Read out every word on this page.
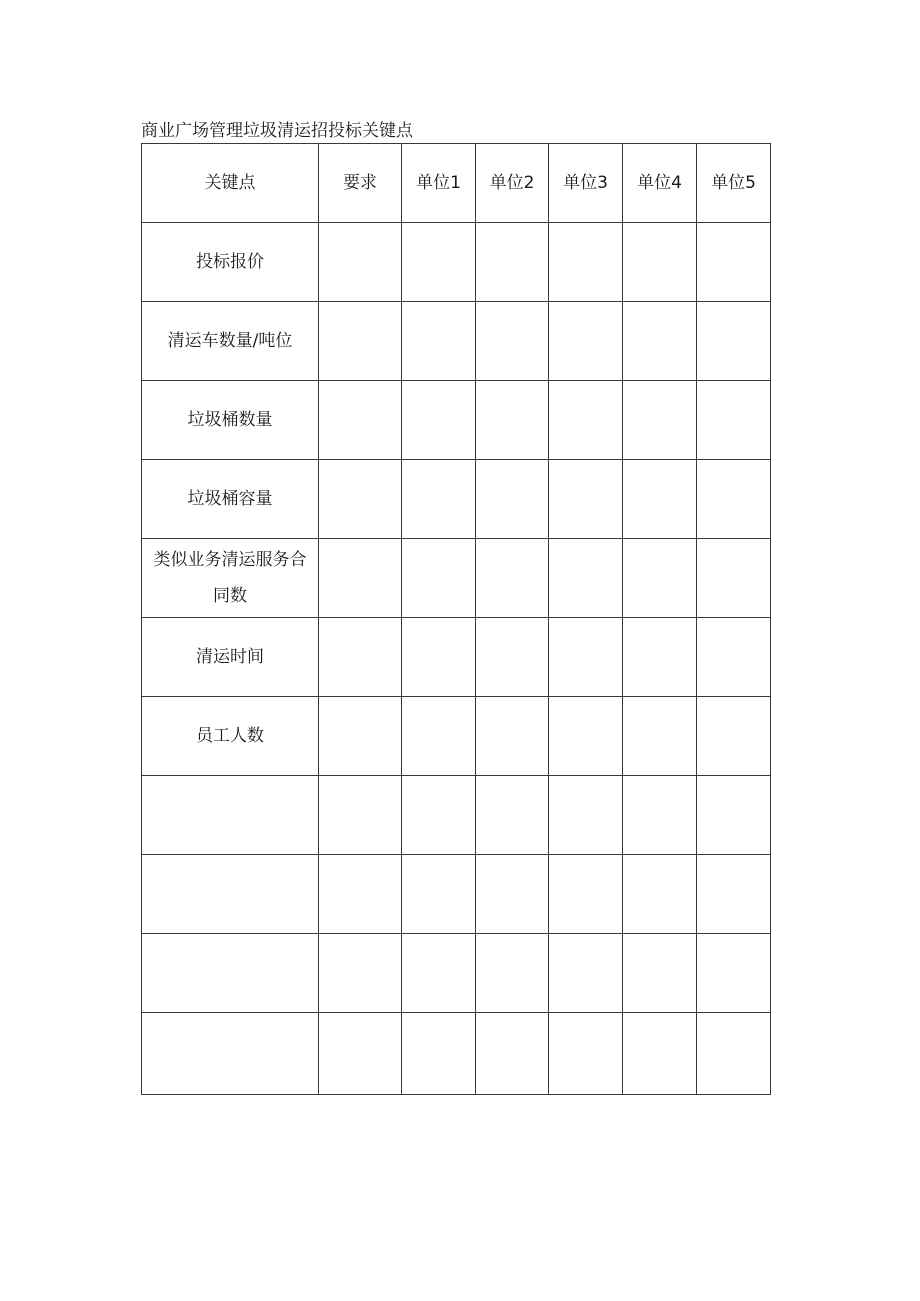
商业广场管理垃圾清运招投标关键点
关键点	要求	单位1	单位2	单位3	单位4	单位5
投标报价						
清运车数量/吨位						
垃圾桶数量						
垃圾桶容量						
类似业务清运服务合同数						
清运时间						
员工人数						
